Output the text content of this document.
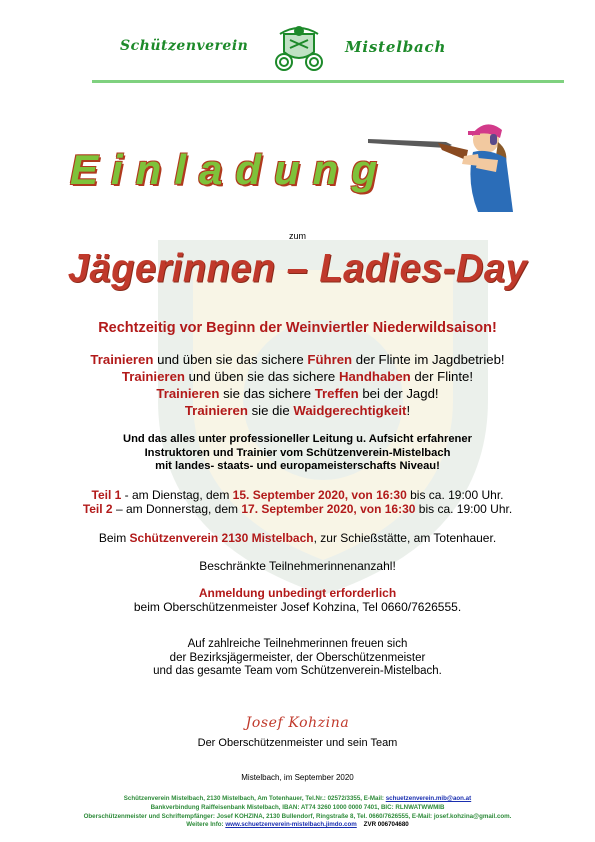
Schützenverein	Mistelbach
Einladung
zum
Jägerinnen – Ladies-Day
Rechtzeitig vor Beginn der Weinviertler Niederwildsaison!
Trainieren und üben sie das sichere Führen der Flinte im Jagdbetrieb!
Trainieren und üben sie das sichere Handhaben der Flinte!
Trainieren sie das sichere Treffen bei der Jagd!
Trainieren sie die Waidgerechtigkeit!
Und das alles unter professioneller Leitung u. Aufsicht erfahrener
Instruktoren und Trainier vom Schützenverein-Mistelbach
mit landes- staats- und europameisterschafts Niveau!
Teil 1 - am Dienstag, dem 15. September 2020, von 16:30 bis ca. 19:00 Uhr.
Teil 2 – am Donnerstag, dem 17. September 2020, von 16:30 bis ca. 19:00 Uhr.
Beim Schützenverein 2130 Mistelbach, zur Schießstätte, am Totenhauer.
Beschränkte Teilnehmerinnenanzahl!
Anmeldung unbedingt erforderlich
beim Oberschützenmeister Josef Kohzina, Tel 0660/7626555.
Auf zahlreiche Teilnehmerinnen freuen sich
der Bezirksjägermeister, der Oberschützenmeister
und das gesamte Team vom Schützenverein-Mistelbach.
Josef Kohzina
Der Oberschützenmeister und sein Team
Mistelbach, im September 2020
Schützenverein Mistelbach, 2130 Mistelbach, Am Totenhauer, Tel.Nr.: 02572/3355, E-Mail: schuetzenverein.mib@aon.at
Bankverbindung Raiffeisenbank Mistelbach, IBAN: AT74 3260 1000 0000 7401, BIC: RLNWATWWMIB
Oberschützenmeister und Schriftempfänger: Josef KOHZINA, 2130 Bullendorf, Ringstraße 8, Tel. 0660/7626555, E-Mail: josef.kohzina@gmail.com.
Weitere Info: www.schuetzenverein-mistelbach.jimdo.com ZVR 006704680
